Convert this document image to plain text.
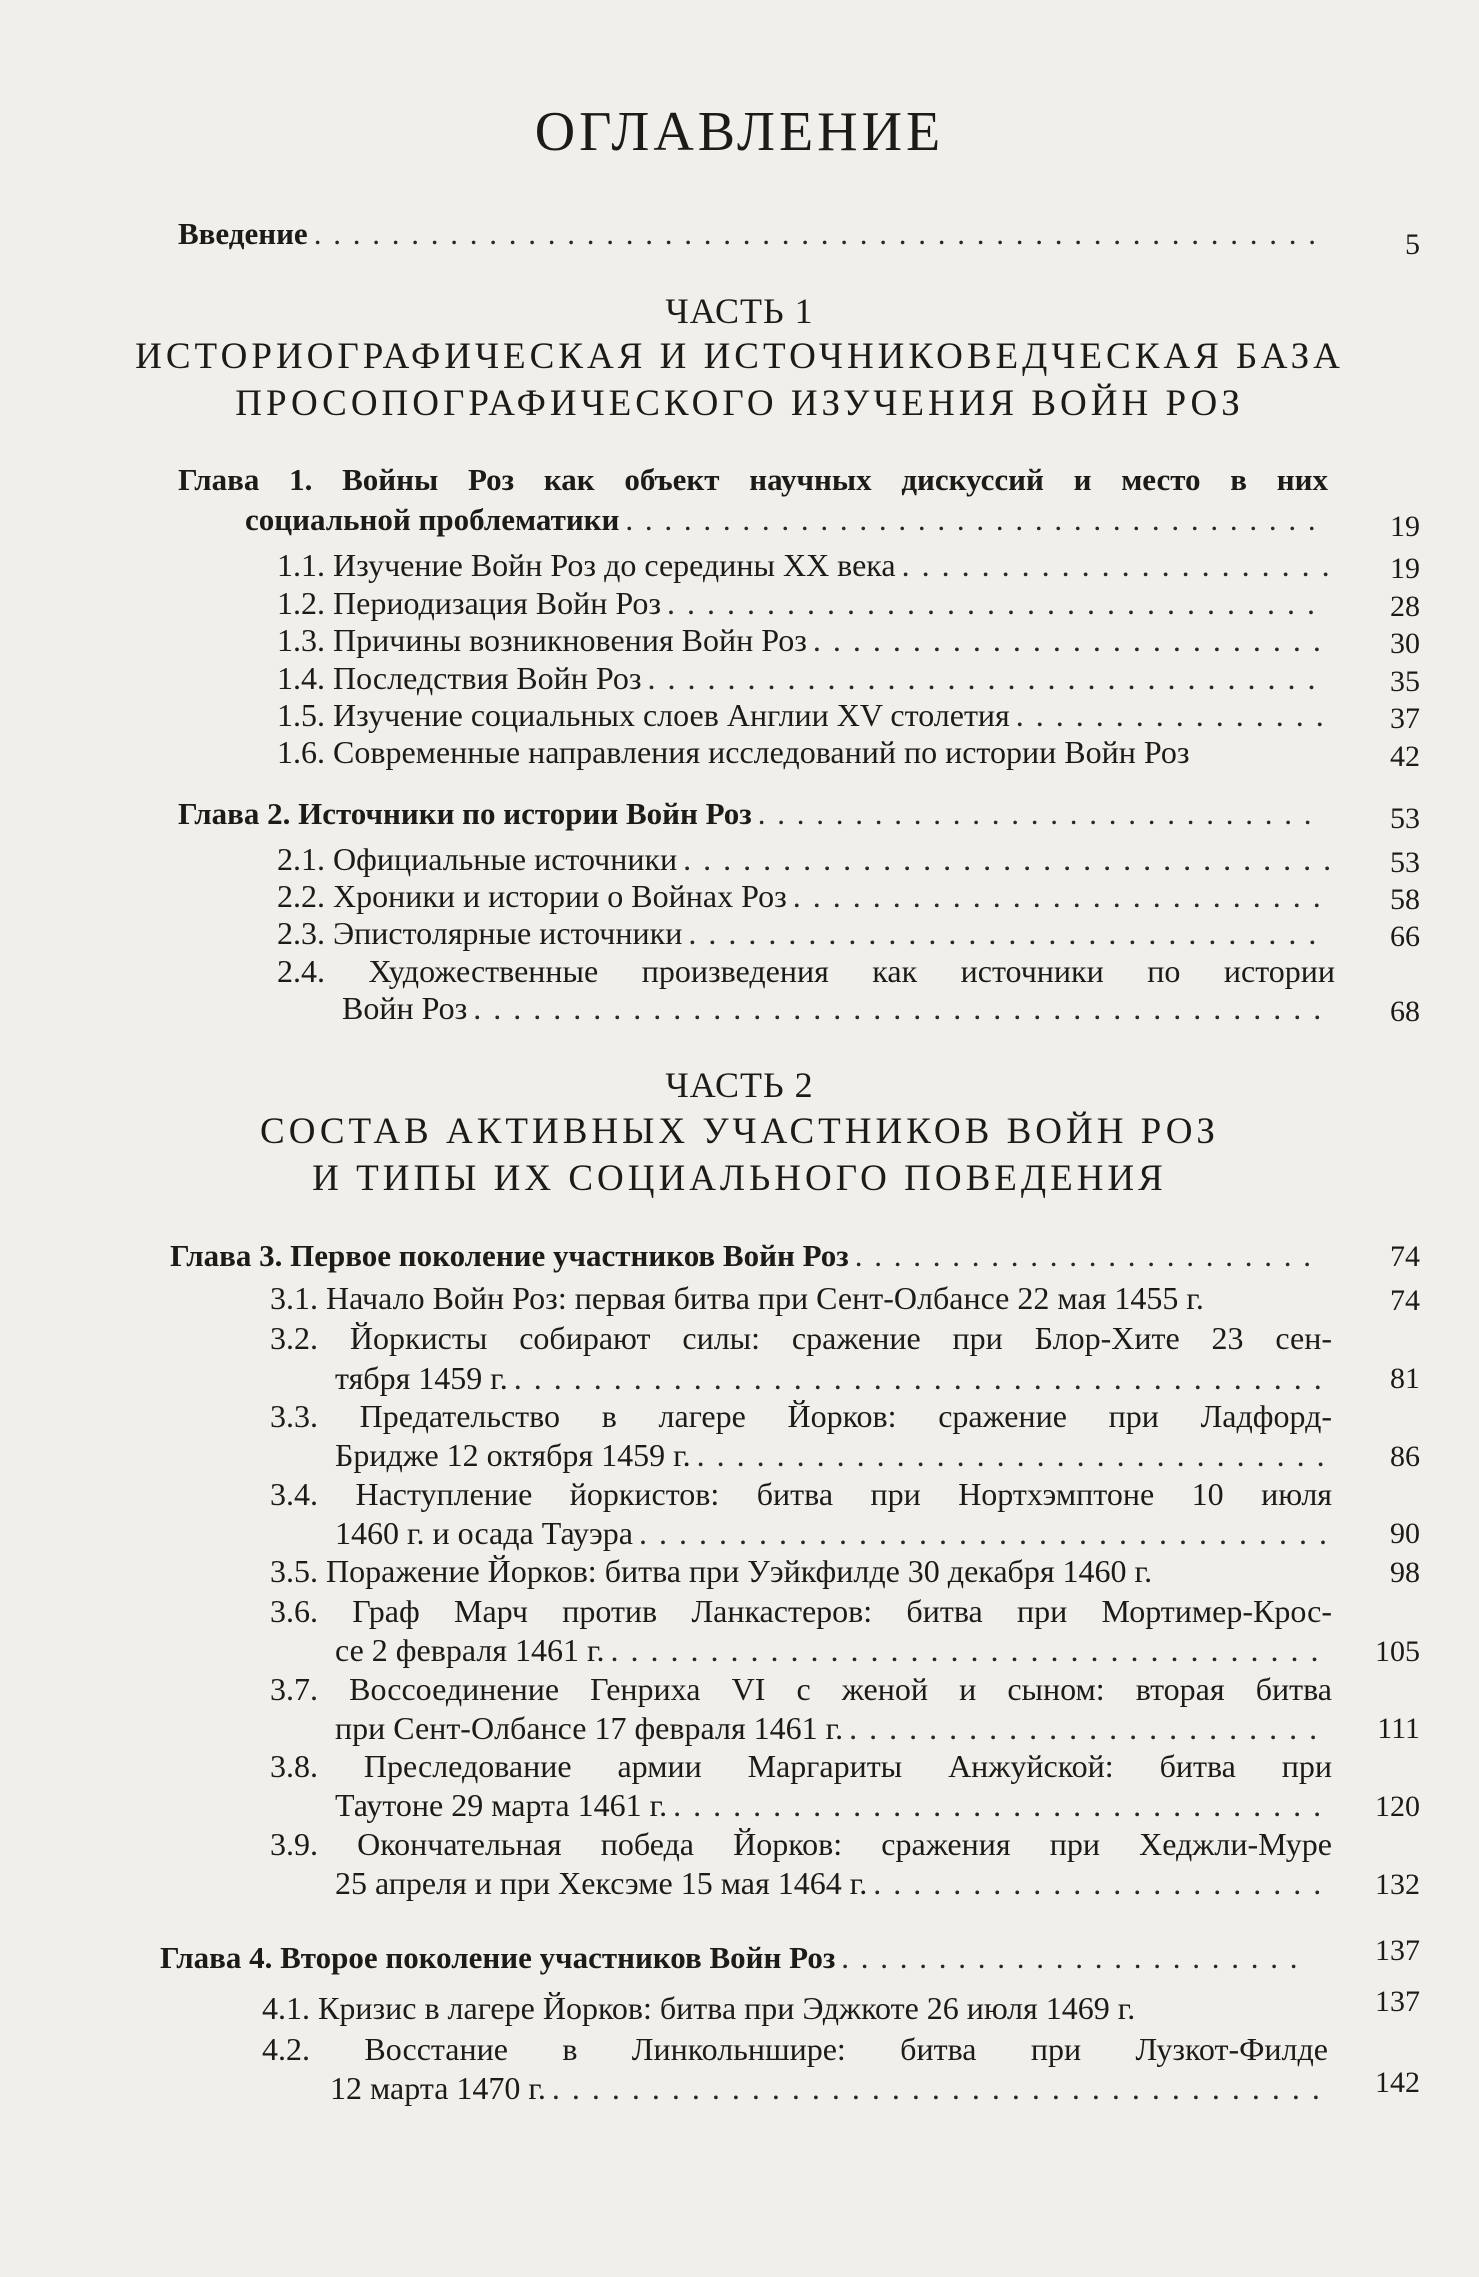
ОГЛАВЛЕНИЕ
Введение . . .	5
ЧАСТЬ 1
ИСТОРИОГРАФИЧЕСКАЯ И ИСТОЧНИКОВЕДЧЕСКАЯ БАЗА
ПРОСОПОГРАФИЧЕСКОГО ИЗУЧЕНИЯ ВОЙН РОЗ
Глава 1. Войны Роз как объект научных дискуссий и место в них
социальной проблематики . . .	19
1.1. Изучение Войн Роз до середины XX века . . .	19
1.2. Периодизация Войн Роз . . .	28
1.3. Причины возникновения Войн Роз . . .	30
1.4. Последствия Войн Роз . . .	35
1.5. Изучение социальных слоев Англии XV столетия . . .	37
1.6. Современные направления исследований по истории Войн Роз	42
Глава 2. Источники по истории Войн Роз . . .	53
2.1. Официальные источники . . .	53
2.2. Хроники и истории о Войнах Роз . . .	58
2.3. Эпистолярные источники . . .	66
2.4. Художественные произведения как источники по истории
Войн Роз . . .	68
ЧАСТЬ 2
СОСТАВ АКТИВНЫХ УЧАСТНИКОВ ВОЙН РОЗ
И ТИПЫ ИХ СОЦИАЛЬНОГО ПОВЕДЕНИЯ
Глава 3. Первое поколение участников Войн Роз . . .	74
3.1. Начало Войн Роз: первая битва при Сент-Олбансе 22 мая 1455 г.	74
3.2. Йоркисты собирают силы: сражение при Блор-Хите 23 сен-
тября 1459 г. . . .	81
3.3. Предательство в лагере Йорков: сражение при Ладфорд-
Бридже 12 октября 1459 г. . . .	86
3.4. Наступление йоркистов: битва при Нортхэмптоне 10 июля
1460 г. и осада Тауэра . . .	90
3.5. Поражение Йорков: битва при Уэйкфилде 30 декабря 1460 г.	98
3.6. Граф Марч против Ланкастеров: битва при Мортимер-Крос-
се 2 февраля 1461 г. . . .	105
3.7. Воссоединение Генриха VI с женой и сыном: вторая битва
при Сент-Олбансе 17 февраля 1461 г. . . .	111
3.8. Преследование армии Маргариты Анжуйской: битва при
Таутоне 29 марта 1461 г. . . .	120
3.9. Окончательная победа Йорков: сражения при Хеджли-Муре
25 апреля и при Хексэме 15 мая 1464 г. . . .	132
Глава 4. Второе поколение участников Войн Роз . . .	137
4.1. Кризис в лагере Йорков: битва при Эджкоте 26 июля 1469 г.	137
4.2. Восстание в Линкольншире: битва при Лузкот-Филде
12 марта 1470 г. . . .	142
